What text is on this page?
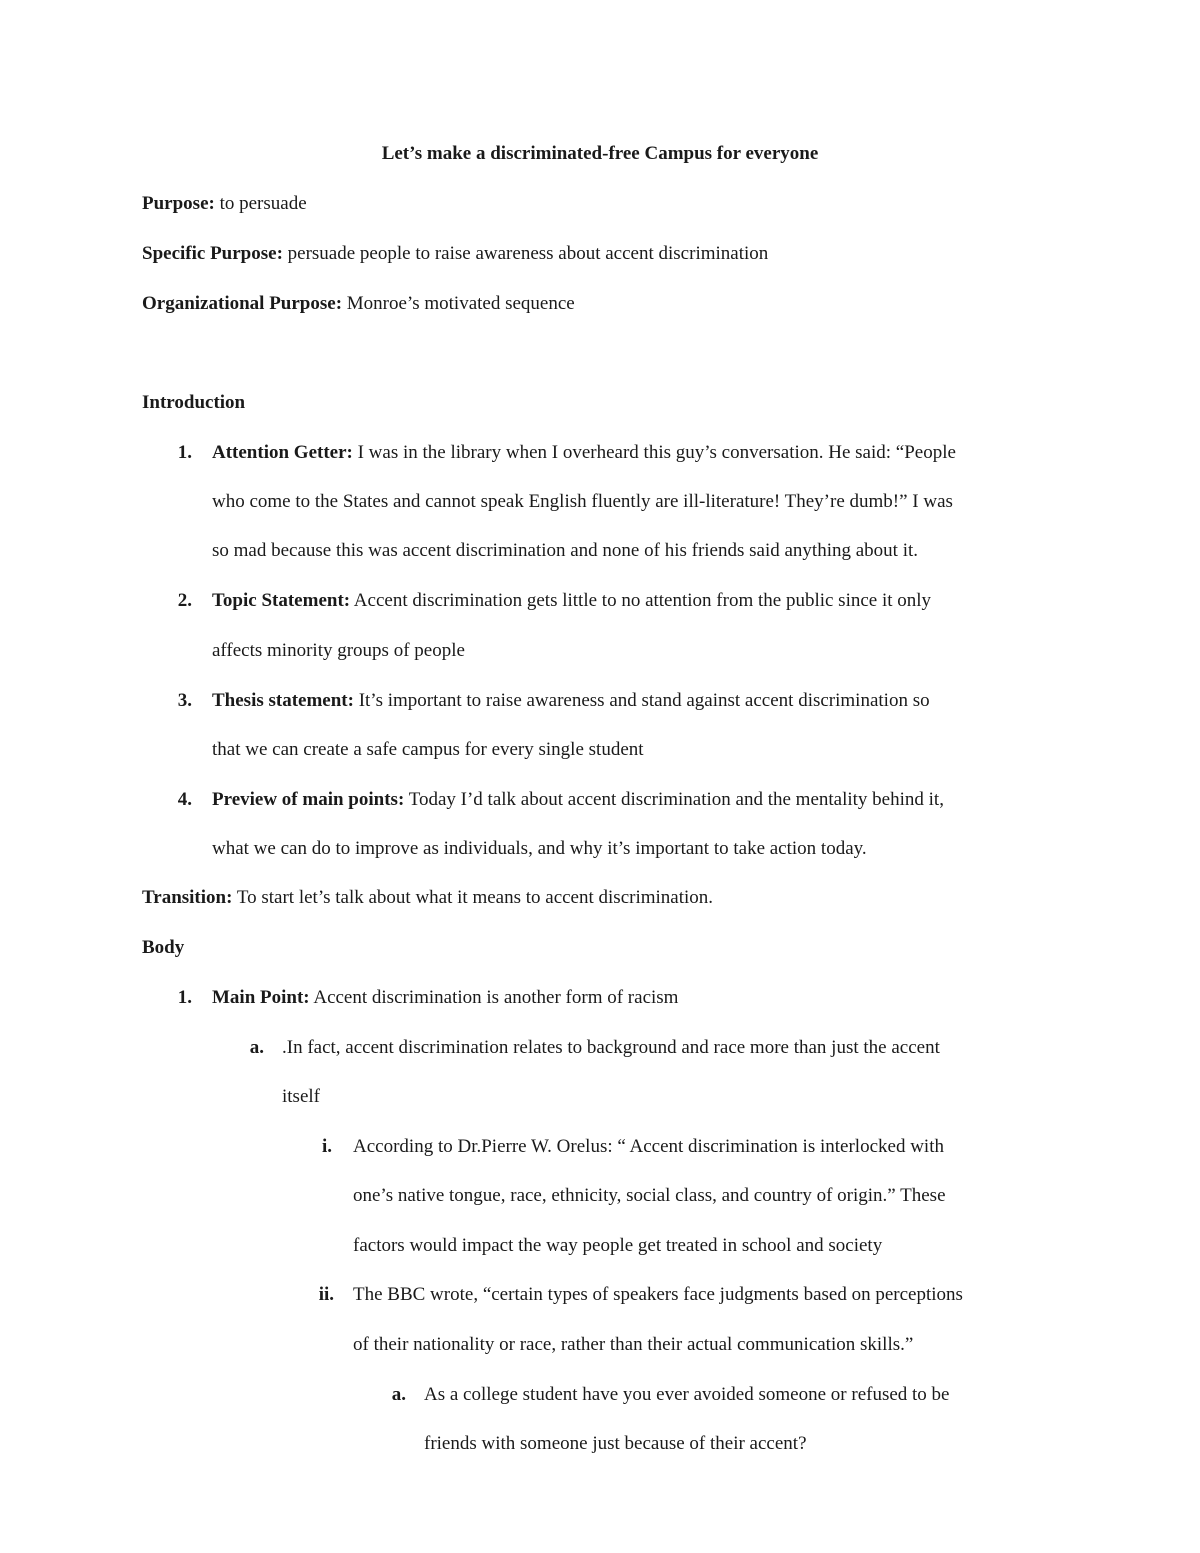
Let’s make a discriminated-free Campus for everyone
Purpose: to persuade
Specific Purpose: persuade people to raise awareness about accent discrimination
Organizational Purpose: Monroe’s motivated sequence
Introduction
1. Attention Getter: I was in the library when I overheard this guy’s conversation. He said: “People
who come to the States and cannot speak English fluently are ill-literature! They’re dumb!” I was
so mad because this was accent discrimination and none of his friends said anything about it.
2. Topic Statement: Accent discrimination gets little to no attention from the public since it only
affects minority groups of people
3. Thesis statement: It’s important to raise awareness and stand against accent discrimination so
that we can create a safe campus for every single student
4. Preview of main points: Today I’d talk about accent discrimination and the mentality behind it,
what we can do to improve as individuals, and why it’s important to take action today.
Transition: To start let’s talk about what it means to accent discrimination.
Body
1. Main Point: Accent discrimination is another form of racism
a. .In fact, accent discrimination relates to background and race more than just the accent
itself
i. According to Dr.Pierre W. Orelus: “ Accent discrimination is interlocked with
one’s native tongue, race, ethnicity, social class, and country of origin.” These
factors would impact the way people get treated in school and society
ii. The BBC wrote, “certain types of speakers face judgments based on perceptions
of their nationality or race, rather than their actual communication skills.”
a. As a college student have you ever avoided someone or refused to be
friends with someone just because of their accent?
